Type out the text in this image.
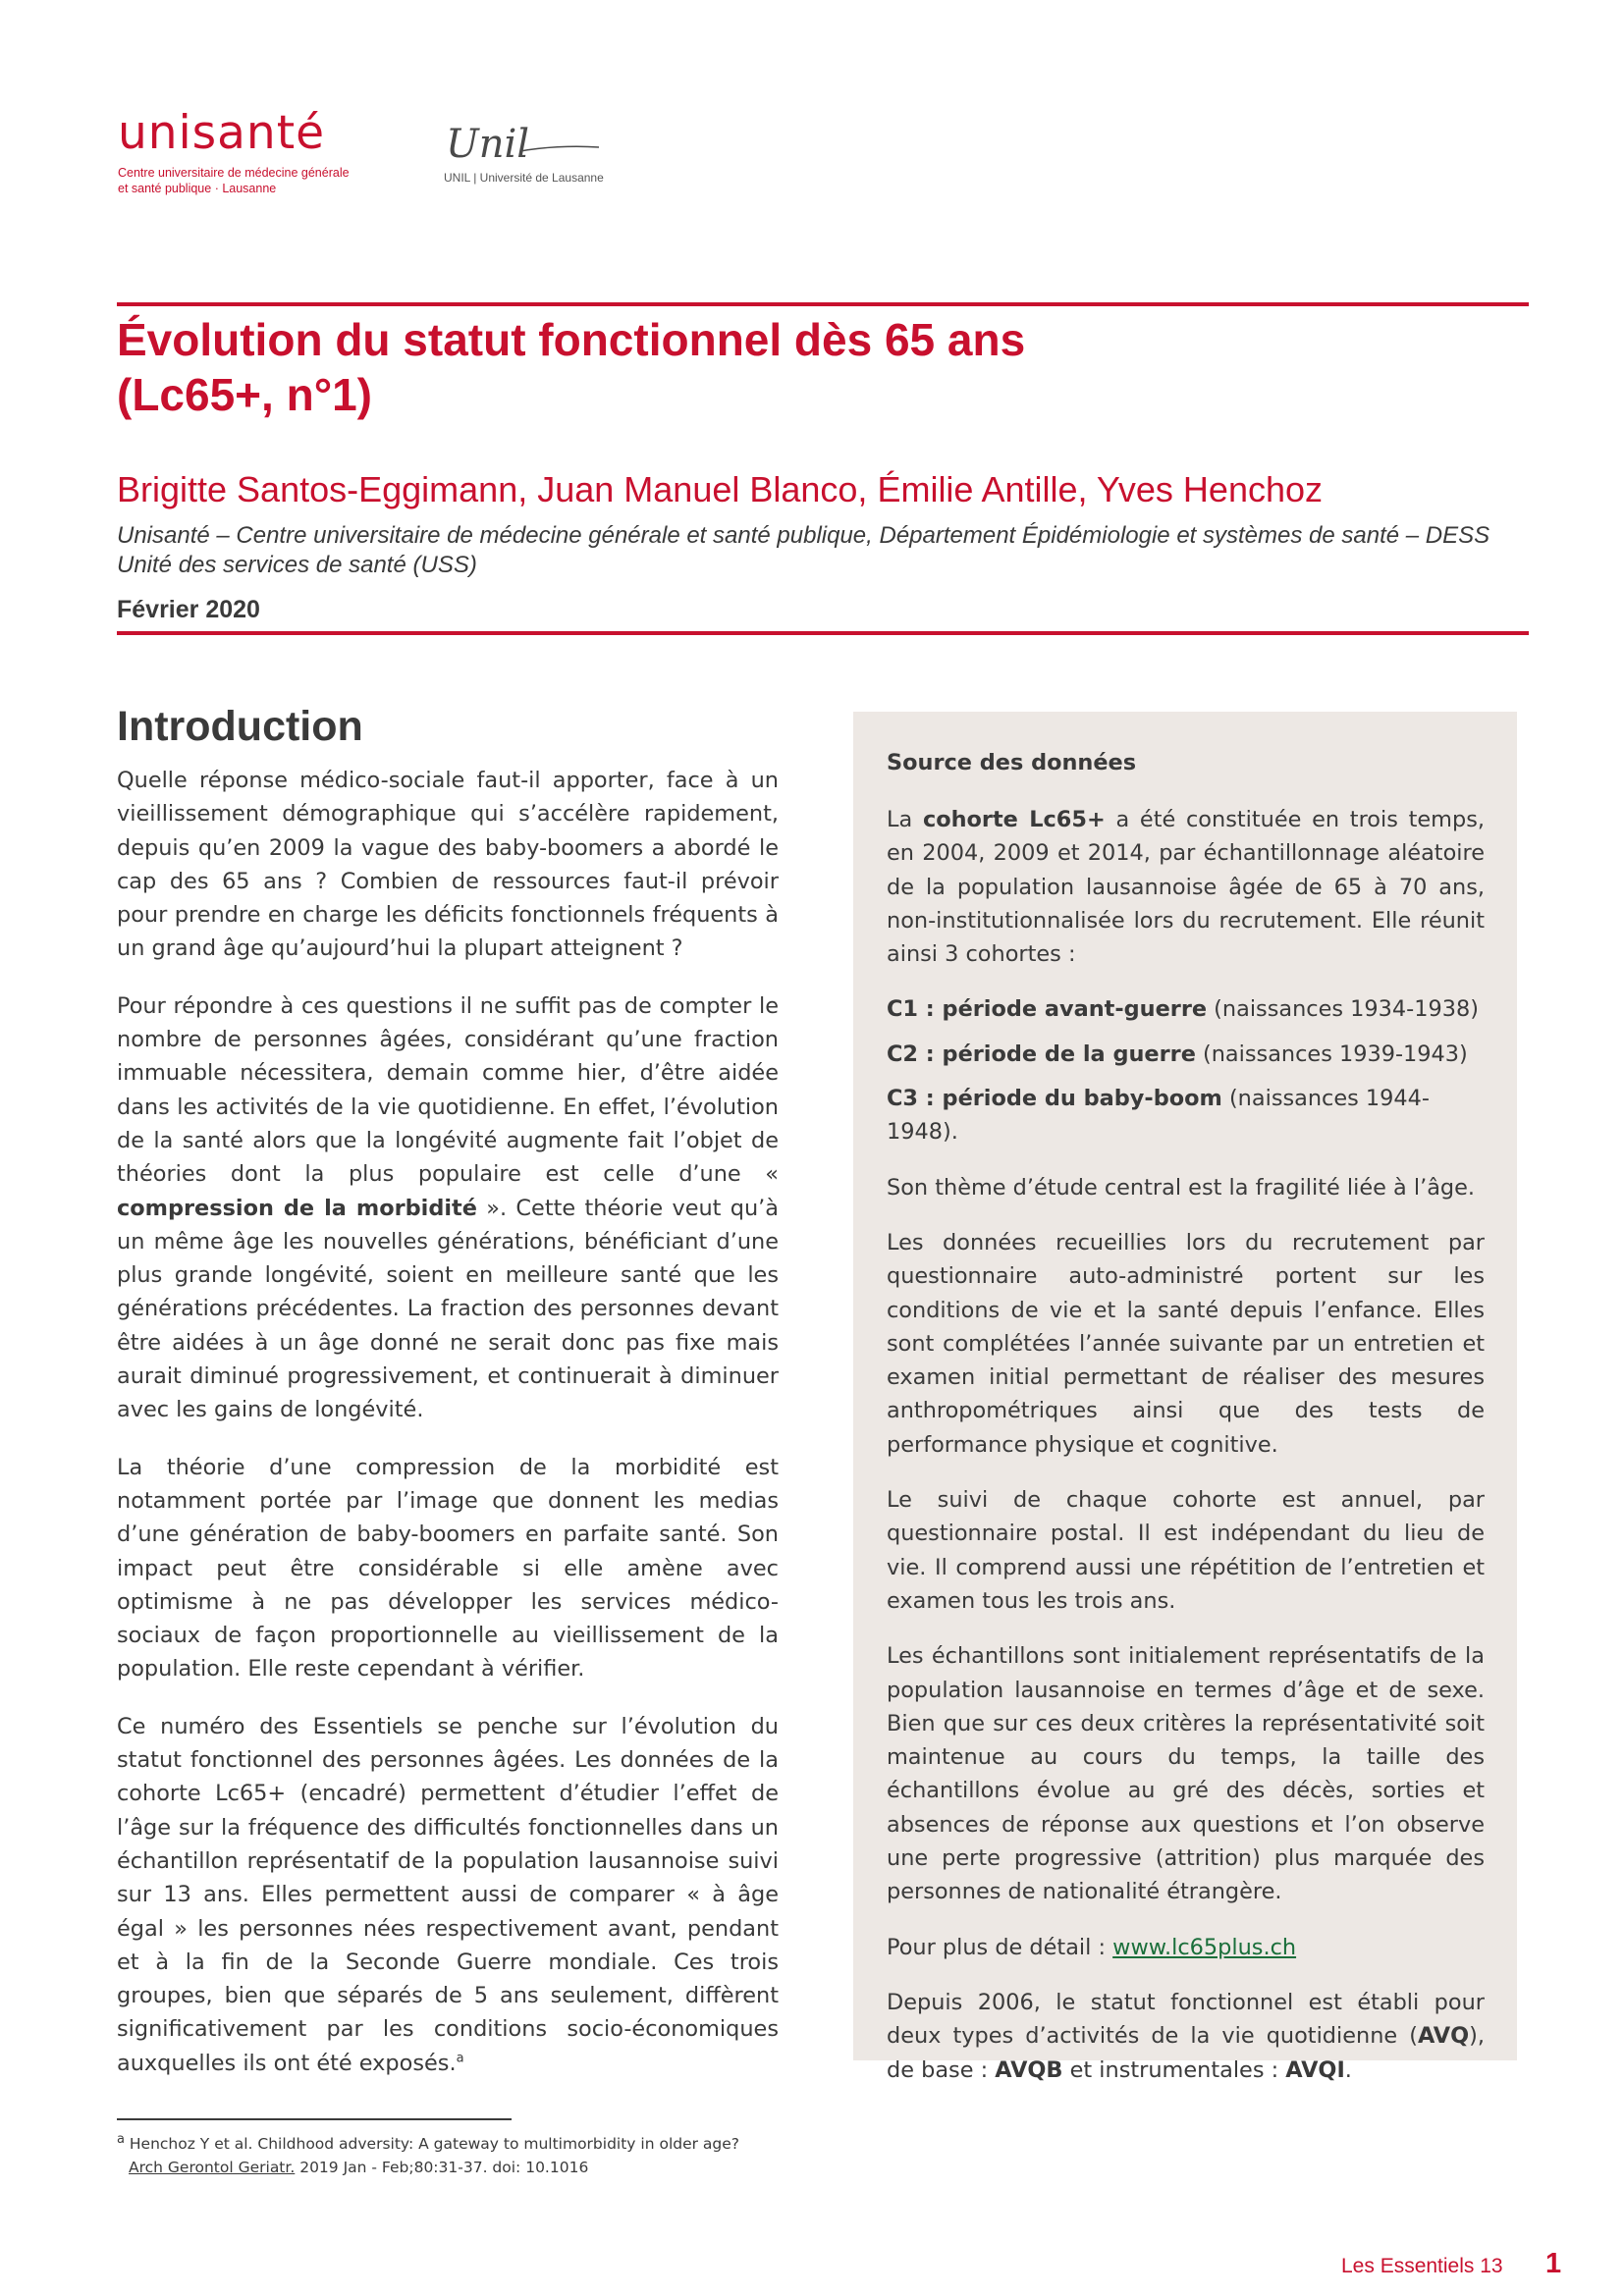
unisanté
Centre universitaire de médecine générale
et santé publique · Lausanne
Unil
UNIL | Université de Lausanne
Évolution du statut fonctionnel dès 65 ans
(Lc65+, n°1)
Brigitte Santos-Eggimann, Juan Manuel Blanco, Émilie Antille, Yves Henchoz
Unisanté – Centre universitaire de médecine générale et santé publique, Département Épidémiologie et systèmes de santé – DESS
Unité des services de santé (USS)
Février 2020
Introduction

Quelle réponse médico-sociale faut-il apporter, face à un vieillissement démographique qui s’accélère rapidement, depuis qu’en 2009 la vague des baby-boomers a abordé le cap des 65 ans ? Combien de ressources faut-il prévoir pour prendre en charge les déficits fonctionnels fréquents à un grand âge qu’aujourd’hui la plupart atteignent ?

Pour répondre à ces questions il ne suffit pas de compter le nombre de personnes âgées, considérant qu’une fraction immuable nécessitera, demain comme hier, d’être aidée dans les activités de la vie quotidienne. En effet, l’évolution de la santé alors que la longévité augmente fait l’objet de théories dont la plus populaire est celle d’une « compression de la morbidité ». Cette théorie veut qu’à un même âge les nouvelles générations, bénéficiant d’une plus grande longévité, soient en meilleure santé que les générations précédentes. La fraction des personnes devant être aidées à un âge donné ne serait donc pas fixe mais aurait diminué progressivement, et continuerait à diminuer avec les gains de longévité.

La théorie d’une compression de la morbidité est notamment portée par l’image que donnent les medias d’une génération de baby-boomers en parfaite santé. Son impact peut être considérable si elle amène avec optimisme à ne pas développer les services médico-sociaux de façon proportionnelle au vieillissement de la population. Elle reste cependant à vérifier.

Ce numéro des Essentiels se penche sur l’évolution du statut fonctionnel des personnes âgées. Les données de la cohorte Lc65+ (encadré) permettent d’étudier l’effet de l’âge sur la fréquence des difficultés fonctionnelles dans un échantillon représentatif de la population lausannoise suivi sur 13 ans. Elles permettent aussi de comparer « à âge égal » les personnes nées respectivement avant, pendant et à la fin de la Seconde Guerre mondiale. Ces trois groupes, bien que séparés de 5 ans seulement, diffèrent significativement par les conditions socio-économiques auxquelles ils ont été exposés.$^a$

$^a$ Henchoz Y et al. Childhood adversity: A gateway to multimorbidity in older age?
Arch Gerontol Geriatr. 2019 Jan - Feb;80:31-37. doi: 10.1016
Source des données

La cohorte Lc65+ a été constituée en trois temps, en 2004, 2009 et 2014, par échantillonnage aléatoire de la population lausannoise âgée de 65 à 70 ans, non-institutionnalisée lors du recrutement. Elle réunit ainsi 3 cohortes :

C1 : période avant-guerre (naissances 1934-1938)
C2 : période de la guerre (naissances 1939-1943)
C3 : période du baby-boom (naissances 1944-1948).

Son thème d’étude central est la fragilité liée à l’âge.

Les données recueillies lors du recrutement par questionnaire auto-administré portent sur les conditions de vie et la santé depuis l’enfance. Elles sont complétées l’année suivante par un entretien et examen initial permettant de réaliser des mesures anthropométriques ainsi que des tests de performance physique et cognitive.

Le suivi de chaque cohorte est annuel, par questionnaire postal. Il est indépendant du lieu de vie. Il comprend aussi une répétition de l’entretien et examen tous les trois ans.

Les échantillons sont initialement représentatifs de la population lausannoise en termes d’âge et de sexe. Bien que sur ces deux critères la représentativité soit maintenue au cours du temps, la taille des échantillons évolue au gré des décès, sorties et absences de réponse aux questions et l’on observe une perte progressive (attrition) plus marquée des personnes de nationalité étrangère.

Pour plus de détail : www.lc65plus.ch

Depuis 2006, le statut fonctionnel est établi pour deux types d’activités de la vie quotidienne (AVQ), de base : AVQB et instrumentales : AVQI.

Les Essentiels 13 1
